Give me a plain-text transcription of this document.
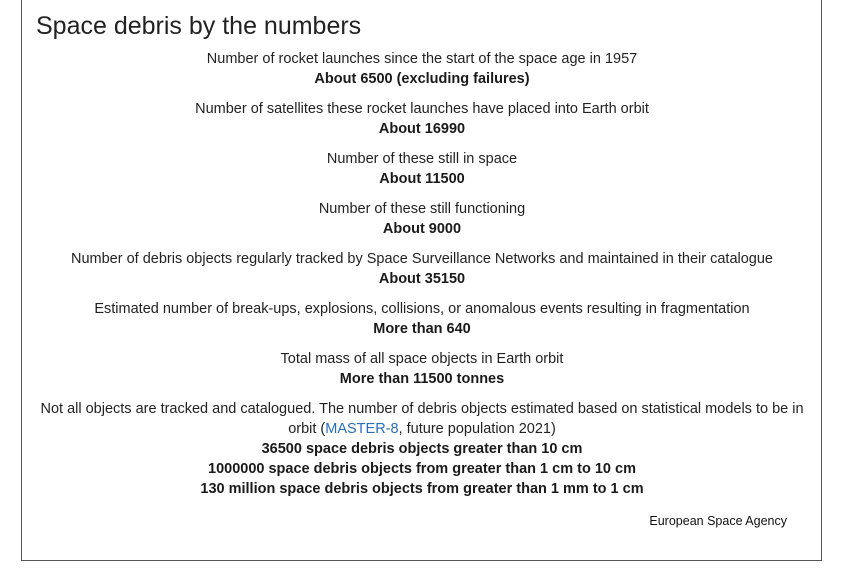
Space debris by the numbers
Number of rocket launches since the start of the space age in 1957
About 6500 (excluding failures)
Number of satellites these rocket launches have placed into Earth orbit
About 16990
Number of these still in space
About 11500
Number of these still functioning
About 9000
Number of debris objects regularly tracked by Space Surveillance Networks and maintained in their catalogue
About 35150
Estimated number of break-ups, explosions, collisions, or anomalous events resulting in fragmentation
More than 640
Total mass of all space objects in Earth orbit
More than 11500 tonnes
Not all objects are tracked and catalogued. The number of debris objects estimated based on statistical models to be in orbit (MASTER-8, future population 2021)
36500 space debris objects greater than 10 cm
1000000 space debris objects from greater than 1 cm to 10 cm
130 million space debris objects from greater than 1 mm to 1 cm
European Space Agency
